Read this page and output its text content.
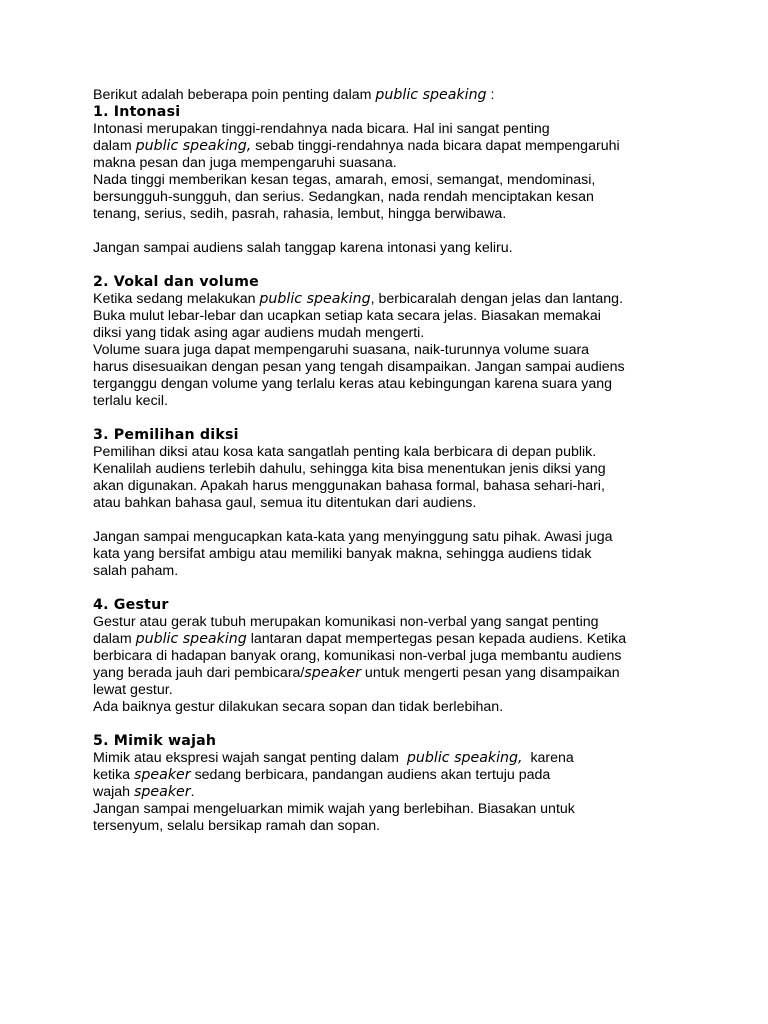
Berikut adalah beberapa poin penting dalam public speaking :
1. Intonasi
Intonasi merupakan tinggi-rendahnya nada bicara. Hal ini sangat penting
dalam public speaking, sebab tinggi-rendahnya nada bicara dapat mempengaruhi
makna pesan dan juga mempengaruhi suasana.
Nada tinggi memberikan kesan tegas, amarah, emosi, semangat, mendominasi,
bersungguh-sungguh, dan serius. Sedangkan, nada rendah menciptakan kesan
tenang, serius, sedih, pasrah, rahasia, lembut, hingga berwibawa.
Jangan sampai audiens salah tanggap karena intonasi yang keliru.
2. Vokal dan volume
Ketika sedang melakukan public speaking, berbicaralah dengan jelas dan lantang.
Buka mulut lebar-lebar dan ucapkan setiap kata secara jelas. Biasakan memakai
diksi yang tidak asing agar audiens mudah mengerti.
Volume suara juga dapat mempengaruhi suasana, naik-turunnya volume suara
harus disesuaikan dengan pesan yang tengah disampaikan. Jangan sampai audiens
terganggu dengan volume yang terlalu keras atau kebingungan karena suara yang
terlalu kecil.
3. Pemilihan diksi
Pemilihan diksi atau kosa kata sangatlah penting kala berbicara di depan publik.
Kenalilah audiens terlebih dahulu, sehingga kita bisa menentukan jenis diksi yang
akan digunakan. Apakah harus menggunakan bahasa formal, bahasa sehari-hari,
atau bahkan bahasa gaul, semua itu ditentukan dari audiens.
Jangan sampai mengucapkan kata-kata yang menyinggung satu pihak. Awasi juga
kata yang bersifat ambigu atau memiliki banyak makna, sehingga audiens tidak
salah paham.
4. Gestur
Gestur atau gerak tubuh merupakan komunikasi non-verbal yang sangat penting
dalam public speaking lantaran dapat mempertegas pesan kepada audiens. Ketika
berbicara di hadapan banyak orang, komunikasi non-verbal juga membantu audiens
yang berada jauh dari pembicara/speaker untuk mengerti pesan yang disampaikan
lewat gestur.
Ada baiknya gestur dilakukan secara sopan dan tidak berlebihan.
5. Mimik wajah
Mimik atau ekspresi wajah sangat penting dalam  public speaking,  karena
ketika speaker sedang berbicara, pandangan audiens akan tertuju pada
wajah speaker.
Jangan sampai mengeluarkan mimik wajah yang berlebihan. Biasakan untuk
tersenyum, selalu bersikap ramah dan sopan.
